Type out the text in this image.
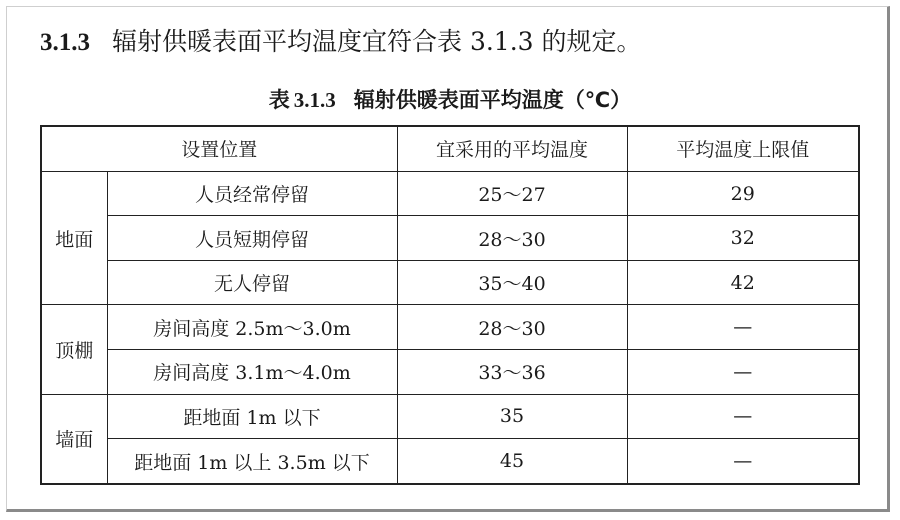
3.1.3 辐射供暖表面平均温度宜符合表 3.1.3 的规定。
表 3.1.3 辐射供暖表面平均温度（℃）
设置位置		宜采用的平均温度	平均温度上限值
地面	人员经常停留	25～27	29
	人员短期停留	28～30	32
	无人停留	35～40	42
顶棚	房间高度 2.5m～3.0m	28～30	—
	房间高度 3.1m～4.0m	33～36	—
墙面	距地面 1m 以下	35	—
	距地面 1m 以上 3.5m 以下	45	—
